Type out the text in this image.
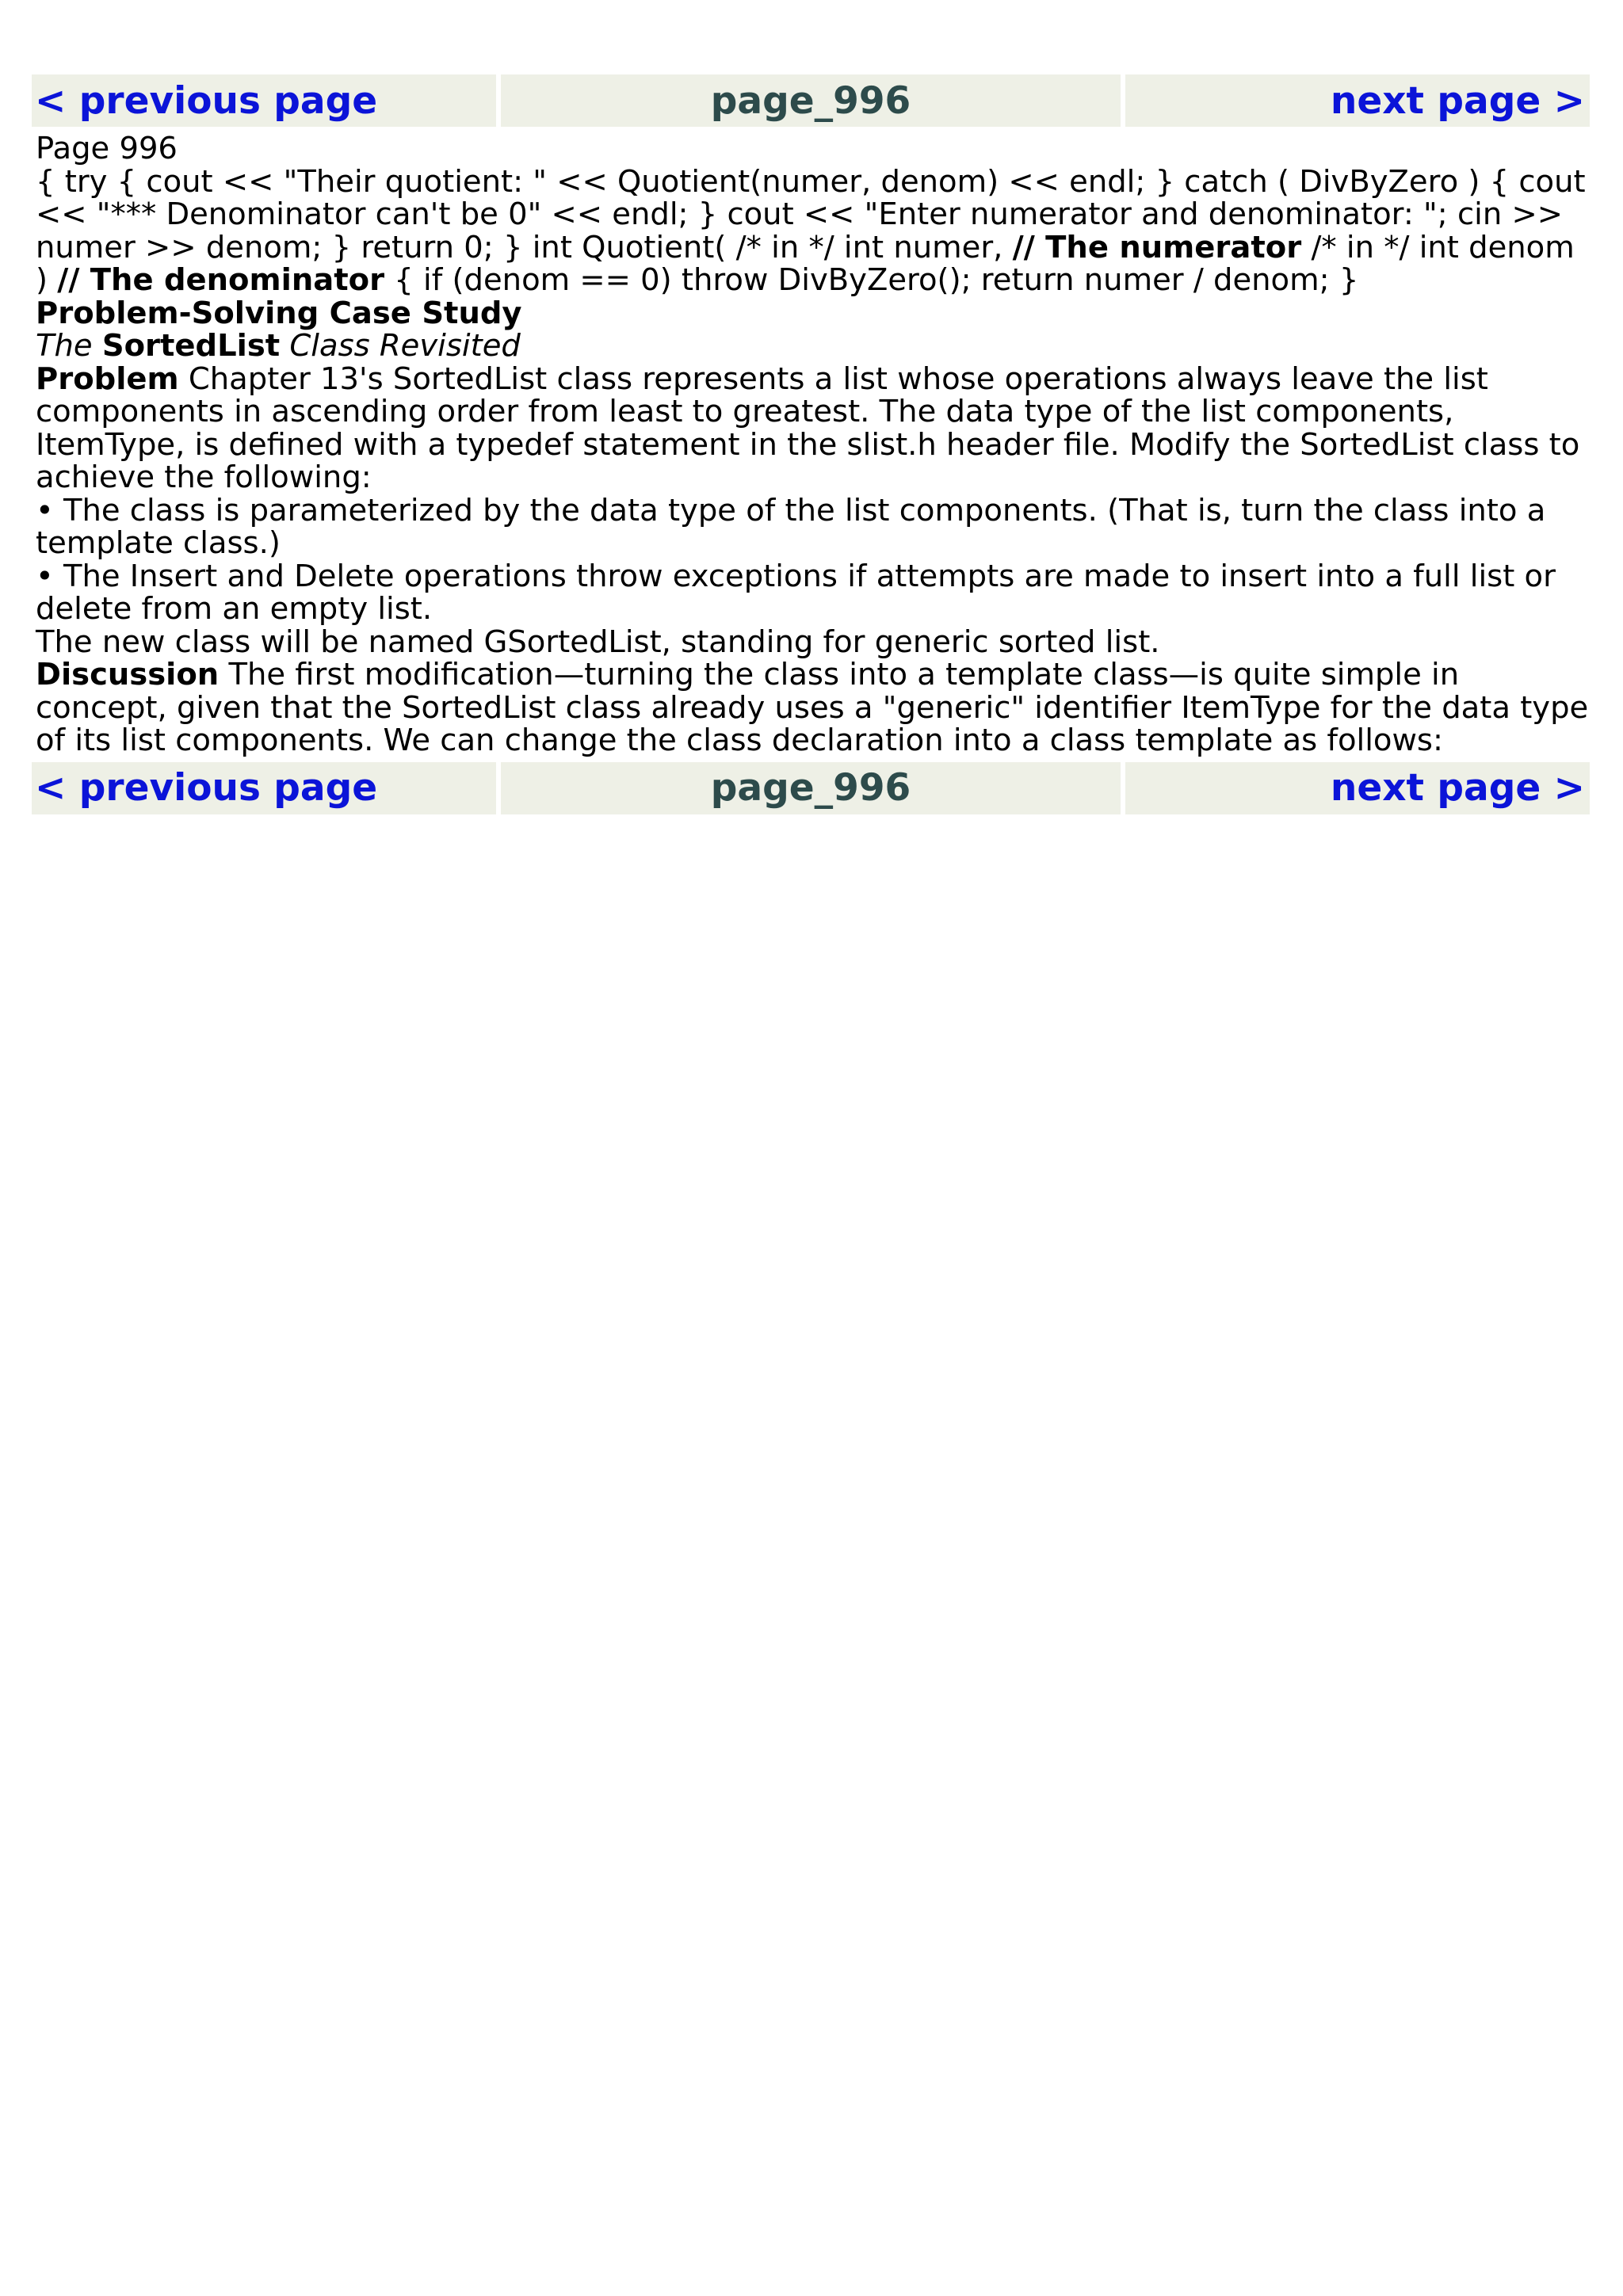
< previous page	page_996	next page >

Page 996

{ try { cout << "Their quotient: " << Quotient(numer, denom) << endl; } catch ( DivByZero ) { cout << "*** Denominator can't be 0" << endl; } cout << "Enter numerator and denominator: "; cin >> numer >> denom; } return 0; } int Quotient( /* in */ int numer, // The numerator /* in */ int denom ) // The denominator { if (denom == 0) throw DivByZero(); return numer / denom; }

Problem-Solving Case Study

The SortedList Class Revisited

Problem Chapter 13's SortedList class represents a list whose operations always leave the list components in ascending order from least to greatest. The data type of the list components, ItemType, is defined with a typedef statement in the slist.h header file. Modify the SortedList class to achieve the following:

• The class is parameterized by the data type of the list components. (That is, turn the class into a template class.)

• The Insert and Delete operations throw exceptions if attempts are made to insert into a full list or delete from an empty list.

The new class will be named GSortedList, standing for generic sorted list.

Discussion The first modification—turning the class into a template class—is quite simple in concept, given that the SortedList class already uses a "generic" identifier ItemType for the data type of its list components. We can change the class declaration into a class template as follows:

< previous page	page_996	next page >
